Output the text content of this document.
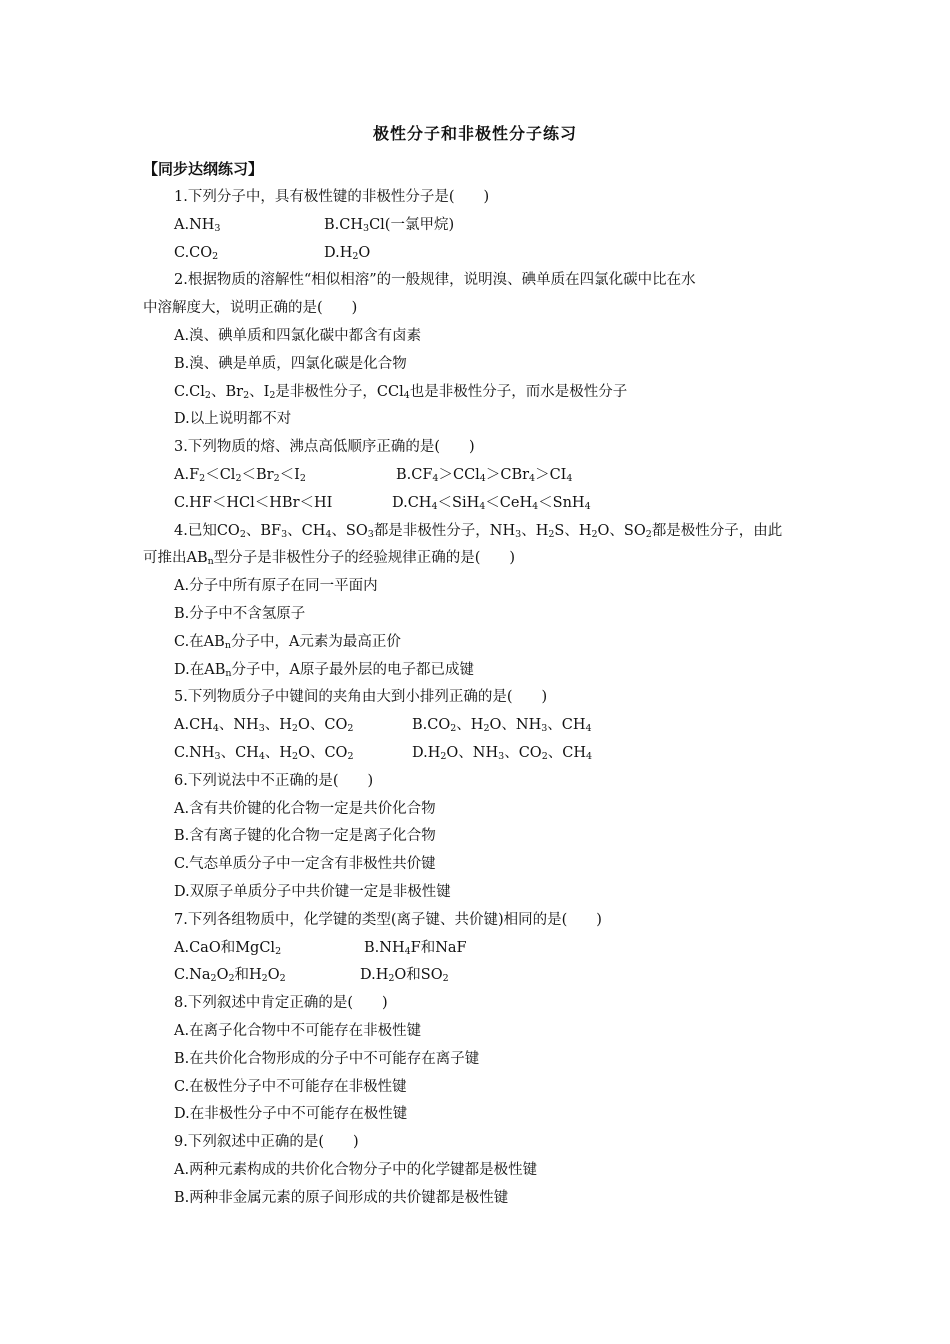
极性分子和非极性分子练习
【同步达纲练习】
1.下列分子中，具有极性键的非极性分子是(　　)
$A.NH_3$	$B.CH_3Cl$(一氯甲烷)
$C.CO_2$	$D.H_2O$
2.根据物质的溶解性“相似相溶”的一般规律，说明溴、碘单质在四氯化碳中比在水
中溶解度大，说明正确的是(　　)
A.溴、碘单质和四氯化碳中都含有卤素
B.溴、碘是单质，四氯化碳是化合物
$C.Cl_2$、$Br_2$、$I_2$是非极性分子，CCl$_4$也是非极性分子，而水是极性分子
D.以上说明都不对
3.下列物质的熔、沸点高低顺序正确的是(　　)
$A.F_2<Cl_2<Br_2<I_2$	$B.CF_4>CCl_4>CBr_4>CI_4$
C.HF＜HCl＜HBr＜HI	$D.CH_4<SiH_4<CeH_4<SnH_4$
4.已知$CO_2$、$BF_3$、$CH_4$、$SO_3$都是非极性分子，$NH_3$、$H_2S$、$H_2O$、$SO_2$都是极性分子，由此
可推出$AB_n$型分子是非极性分子的经验规律正确的是(　　)
A.分子中所有原子在同一平面内
B.分子中不含氢原子
C.在$AB_n$分子中，A元素为最高正价
D.在$AB_n$分子中，A原子最外层的电子都已成键
5.下列物质分子中键间的夹角由大到小排列正确的是(　　)
$A.CH_4$、$NH_3$、$H_2O$、$CO_2$	$B.CO_2$、$H_2O$、$NH_3$、$CH_4$
$C.NH_3$、$CH_4$、$H_2O$、$CO_2$	$D.H_2O$、$NH_3$、$CO_2$、$CH_4$
6.下列说法中不正确的是(　　)
A.含有共价键的化合物一定是共价化合物
B.含有离子键的化合物一定是离子化合物
C.气态单质分子中一定含有非极性共价键
D.双原子单质分子中共价键一定是非极性键
7.下列各组物质中，化学键的类型(离子键、共价键)相同的是(　　)
A.CaO和MgCl$_2$	$B.NH_4F$和NaF
$C.Na_2O_2$和$H_2O_2$	$D.H_2O$和$SO_2$
8.下列叙述中肯定正确的是(　　)
A.在离子化合物中不可能存在非极性键
B.在共价化合物形成的分子中不可能存在离子键
C.在极性分子中不可能存在非极性键
D.在非极性分子中不可能存在极性键
9.下列叙述中正确的是(　　)
A.两种元素构成的共价化合物分子中的化学键都是极性键
B.两种非金属元素的原子间形成的共价键都是极性键
